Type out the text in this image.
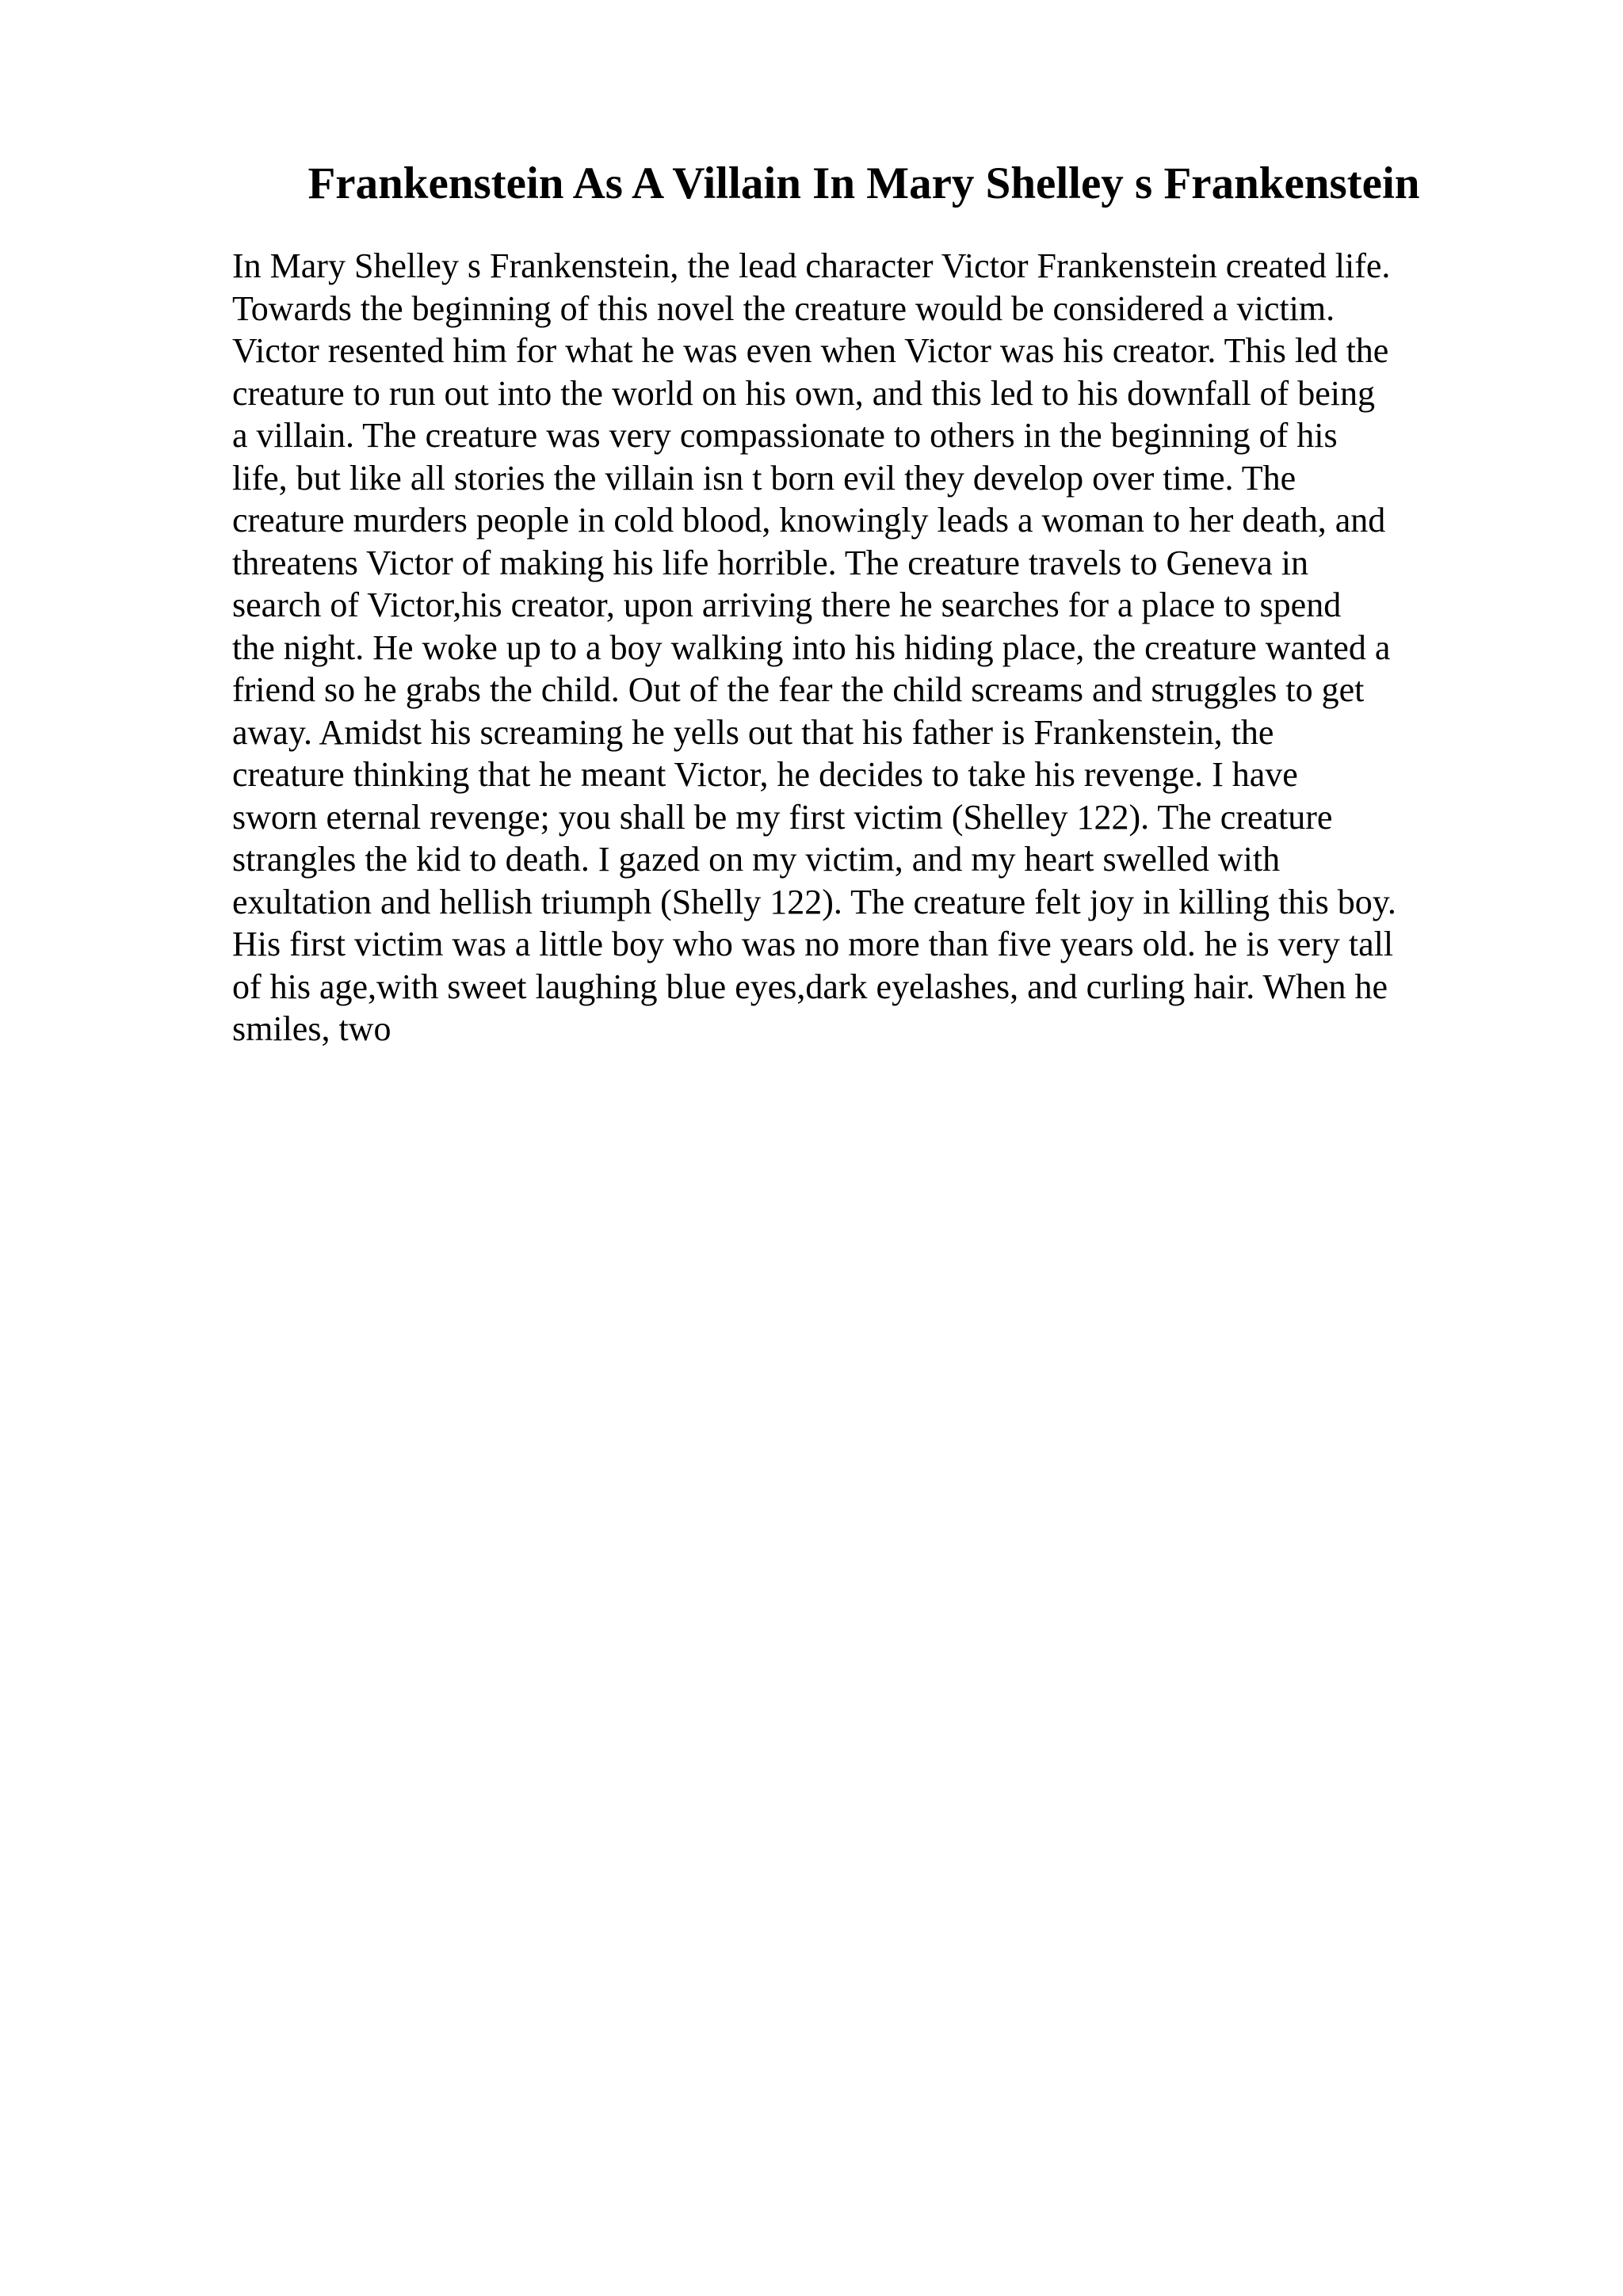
Frankenstein As A Villain In Mary Shelley s Frankenstein
In Mary Shelley s Frankenstein, the lead character Victor Frankenstein created life.
Towards the beginning of this novel the creature would be considered a victim.
Victor resented him for what he was even when Victor was his creator. This led the
creature to run out into the world on his own, and this led to his downfall of being
a villain. The creature was very compassionate to others in the beginning of his
life, but like all stories the villain isn t born evil they develop over time. The
creature murders people in cold blood, knowingly leads a woman to her death, and
threatens Victor of making his life horrible. The creature travels to Geneva in
search of Victor,his creator, upon arriving there he searches for a place to spend
the night. He woke up to a boy walking into his hiding place, the creature wanted a
friend so he grabs the child. Out of the fear the child screams and struggles to get
away. Amidst his screaming he yells out that his father is Frankenstein, the
creature thinking that he meant Victor, he decides to take his revenge. I have
sworn eternal revenge; you shall be my first victim (Shelley 122). The creature
strangles the kid to death. I gazed on my victim, and my heart swelled with
exultation and hellish triumph (Shelly 122). The creature felt joy in killing this boy.
His first victim was a little boy who was no more than five years old. he is very tall
of his age,with sweet laughing blue eyes,dark eyelashes, and curling hair. When he
smiles, two
